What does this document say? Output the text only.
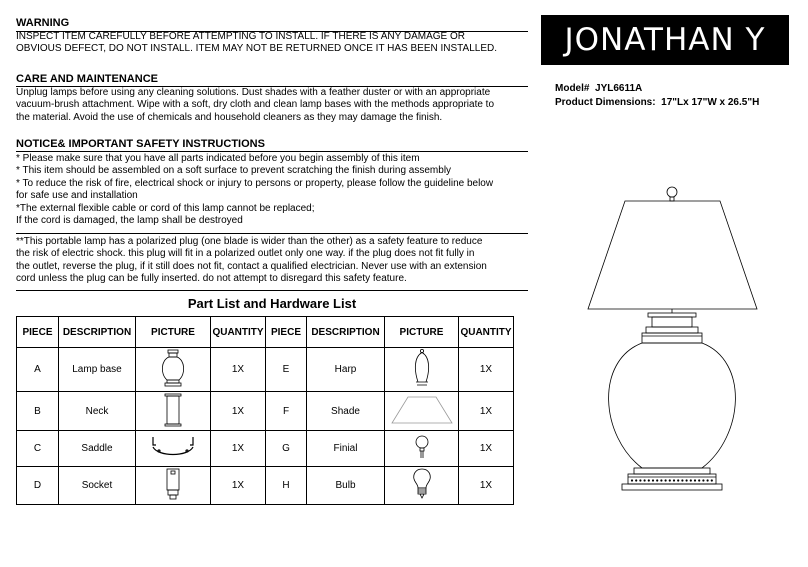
WARNING
INSPECT ITEM CAREFULLY BEFORE ATTEMPTING TO INSTALL. IF THERE IS ANY DAMAGE OR
OBVIOUS DEFECT, DO NOT INSTALL. ITEM MAY NOT BE RETURNED ONCE IT HAS BEEN INSTALLED.
CARE AND MAINTENANCE
Unplug lamps before using any cleaning solutions. Dust shades with a feather duster or with an appropriate
vacuum-brush attachment. Wipe with a soft, dry cloth and clean lamp bases with the methods appropriate to
the material. Avoid the use of chemicals and household cleaners as they may damage the finish.
NOTICE& IMPORTANT SAFETY INSTRUCTIONS
* Please make sure that you have all parts indicated before you begin assembly of this item
* This item should be assembled on a soft surface to prevent scratching the finish during assembly
* To reduce the risk of fire, electrical shock or injury to persons or property, please follow the guideline below
for safe use and installation
*The external flexible cable or cord of this lamp cannot be replaced;
If the cord is damaged, the lamp shall be destroyed
**This portable lamp has a polarized plug (one blade is wider than the other) as a safety feature to reduce
the risk of electric shock. this plug will fit in a polarized outlet only one way. if the plug does not fit fully in
the outlet, reverse the plug, if it still does not fit, contact a qualified electrician. Never use with an extension
cord unless the plug can be fully inserted. do not attempt to disregard this safety feature.
JONATHAN Y
Model# JYL6611A
Product Dimensions: 17"Lx 17"W x 26.5"H
Part List and Hardware List
PIECE	DESCRIPTION	PICTURE	QUANTITY	PIECE	DESCRIPTION	PICTURE	QUANTITY
A	Lamp base		1X	E	Harp		1X
B	Neck		1X	F	Shade		1X
C	Saddle		1X	G	Finial		1X
D	Socket		1X	H	Bulb		1X
